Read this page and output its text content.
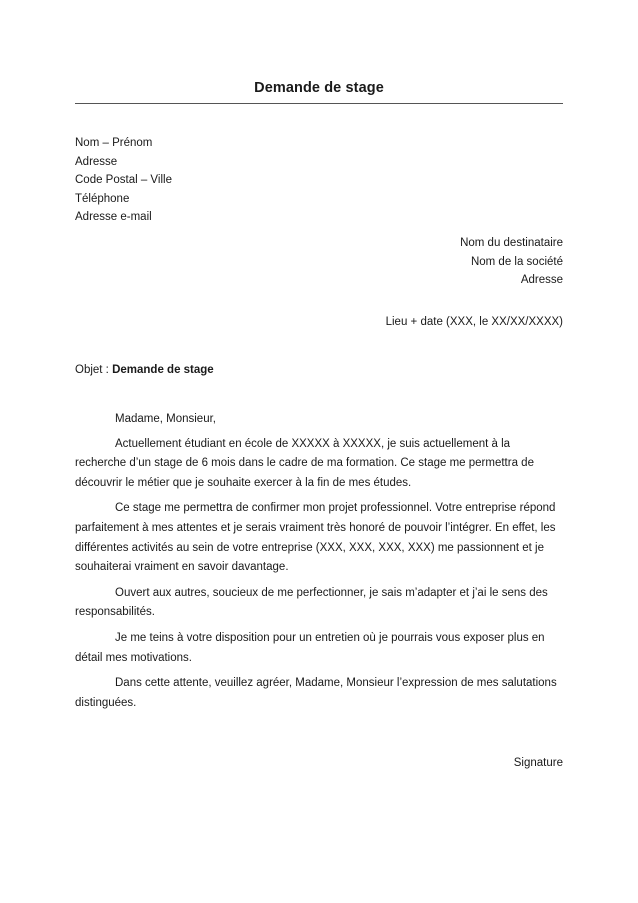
Demande de stage
Nom – Prénom
Adresse
Code Postal – Ville
Téléphone
Adresse e-mail
Nom du destinataire
Nom de la société
Adresse
Lieu + date (XXX, le XX/XX/XXXX)
Objet : Demande de stage

Madame, Monsieur,

Actuellement étudiant en école de XXXXX à XXXXX, je suis actuellement à la recherche d’un stage de 6 mois dans le cadre de ma formation. Ce stage me permettra de découvrir le métier que je souhaite exercer à la fin de mes études.

Ce stage me permettra de confirmer mon projet professionnel. Votre entreprise répond parfaitement à mes attentes et je serais vraiment très honoré de pouvoir l’intégrer. En effet, les différentes activités au sein de votre entreprise (XXX, XXX, XXX, XXX) me passionnent et je souhaiterai vraiment en savoir davantage.

Ouvert aux autres, soucieux de me perfectionner, je sais m’adapter et j’ai le sens des responsabilités.

Je me teins à votre disposition pour un entretien où je pourrais vous exposer plus en détail mes motivations.

Dans cette attente, veuillez agréer, Madame, Monsieur l’expression de mes salutations distinguées.

Signature
